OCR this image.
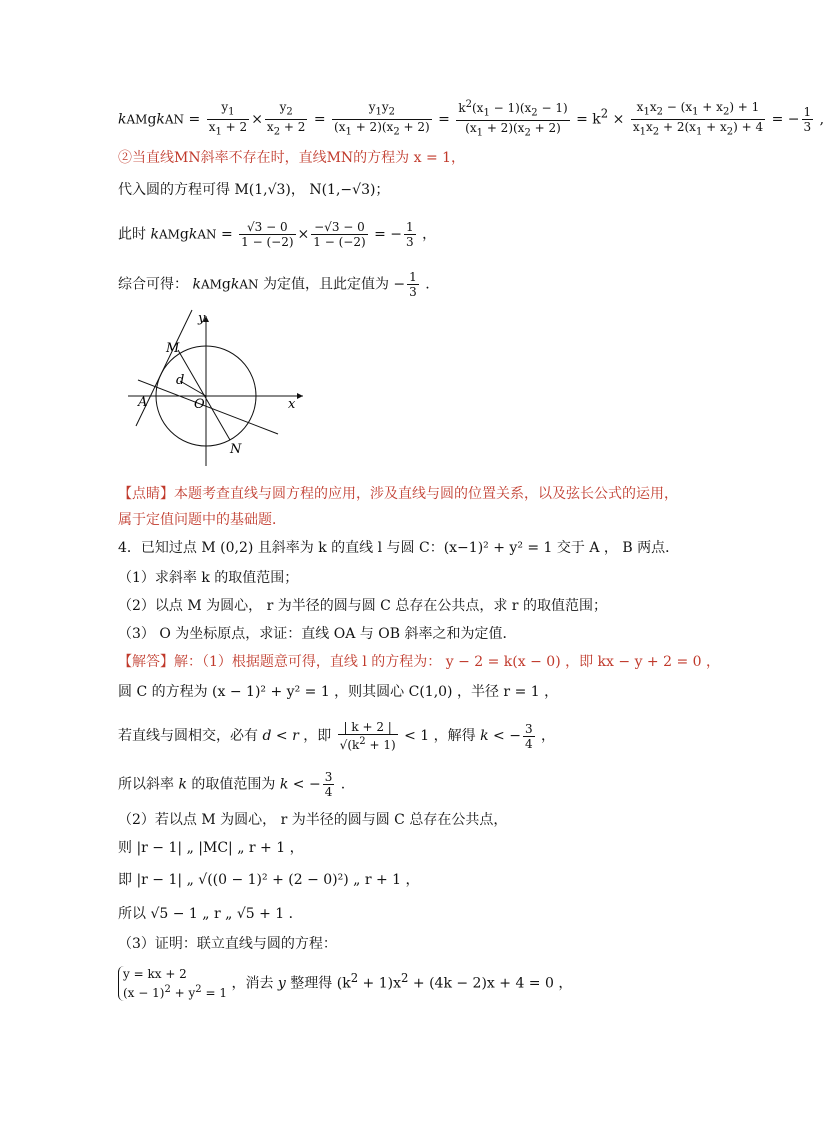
kAMgkAN = $\frac{y_1}{x_1 + 2} \times \frac{y_2}{x_2 + 2} = \frac{y_1y_2}{(x_1 + 2)(x_2 + 2)} = \frac{k^2(x_1 - 1)(x_2 - 1)}{(x_1 + 2)(x_2 + 2)} = k^2 \times \frac{x_1x_2 - (x_1 + x_2) + 1}{x_1x_2 + 2(x_1 + x_2) + 4}$ = − $\frac{1}{3}$ ,
②当直线MN斜率不存在时，直线MN的方程为 x = 1，
代入圆的方程可得 M(1,√3)， N(1,−√3)；
此时 kAMgkAN = $\frac{√3 - 0}{1 - (-2)} \times \frac{-√3 - 0}{1 - (-2)}$ = − $\frac{1}{3}$ ，
综合可得： kAMgkAN 为定值，且此定值为 − $\frac{1}{3}$ .
y
x
M
d
A	O
N
【点睛】本题考查直线与圆方程的应用，涉及直线与圆的位置关系，以及弦长公式的运用，
属于定值问题中的基础题．
4．已知过点 M (0,2) 且斜率为 k 的直线 l 与圆 C：(x−1)² + y² = 1 交于 A ， B 两点．
（1）求斜率 k 的取值范围；
（2）以点 M 为圆心， r 为半径的圆与圆 C 总存在公共点，求 r 的取值范围；
（3） O 为坐标原点，求证：直线 OA 与 OB 斜率之和为定值．
【解答】解：（1）根据题意可得，直线 l 的方程为： y − 2 = k(x − 0) ，即 kx − y + 2 = 0 ，
圆 C 的方程为 (x − 1)² + y² = 1 ，则其圆心 C(1,0) ，半径 r = 1 ，
若直线与圆相交，必有 d < r ，即 $\frac{| k + 2 |}{√(k^2 + 1)} < 1$ ，解得 k < − $\frac{3}{4}$ ，
所以斜率 k 的取值范围为 k < − $\frac{3}{4}$ .
（2）若以点 M 为圆心， r 为半径的圆与圆 C 总存在公共点，
则 |r − 1| „ |MC| „ r + 1 ，
即 |r − 1| „ √((0 − 1)² + (2 − 0)²) „ r + 1 ，
所以 √5 − 1 „ r „ √5 + 1 ．
（3）证明：联立直线与圆的方程：
y = kx + 2
$(x - 1)^2 + y^2 = 1$
，消去 y 整理得 $(k^2 + 1)x^2 + (4k - 2)x + 4 = 0$ ，
